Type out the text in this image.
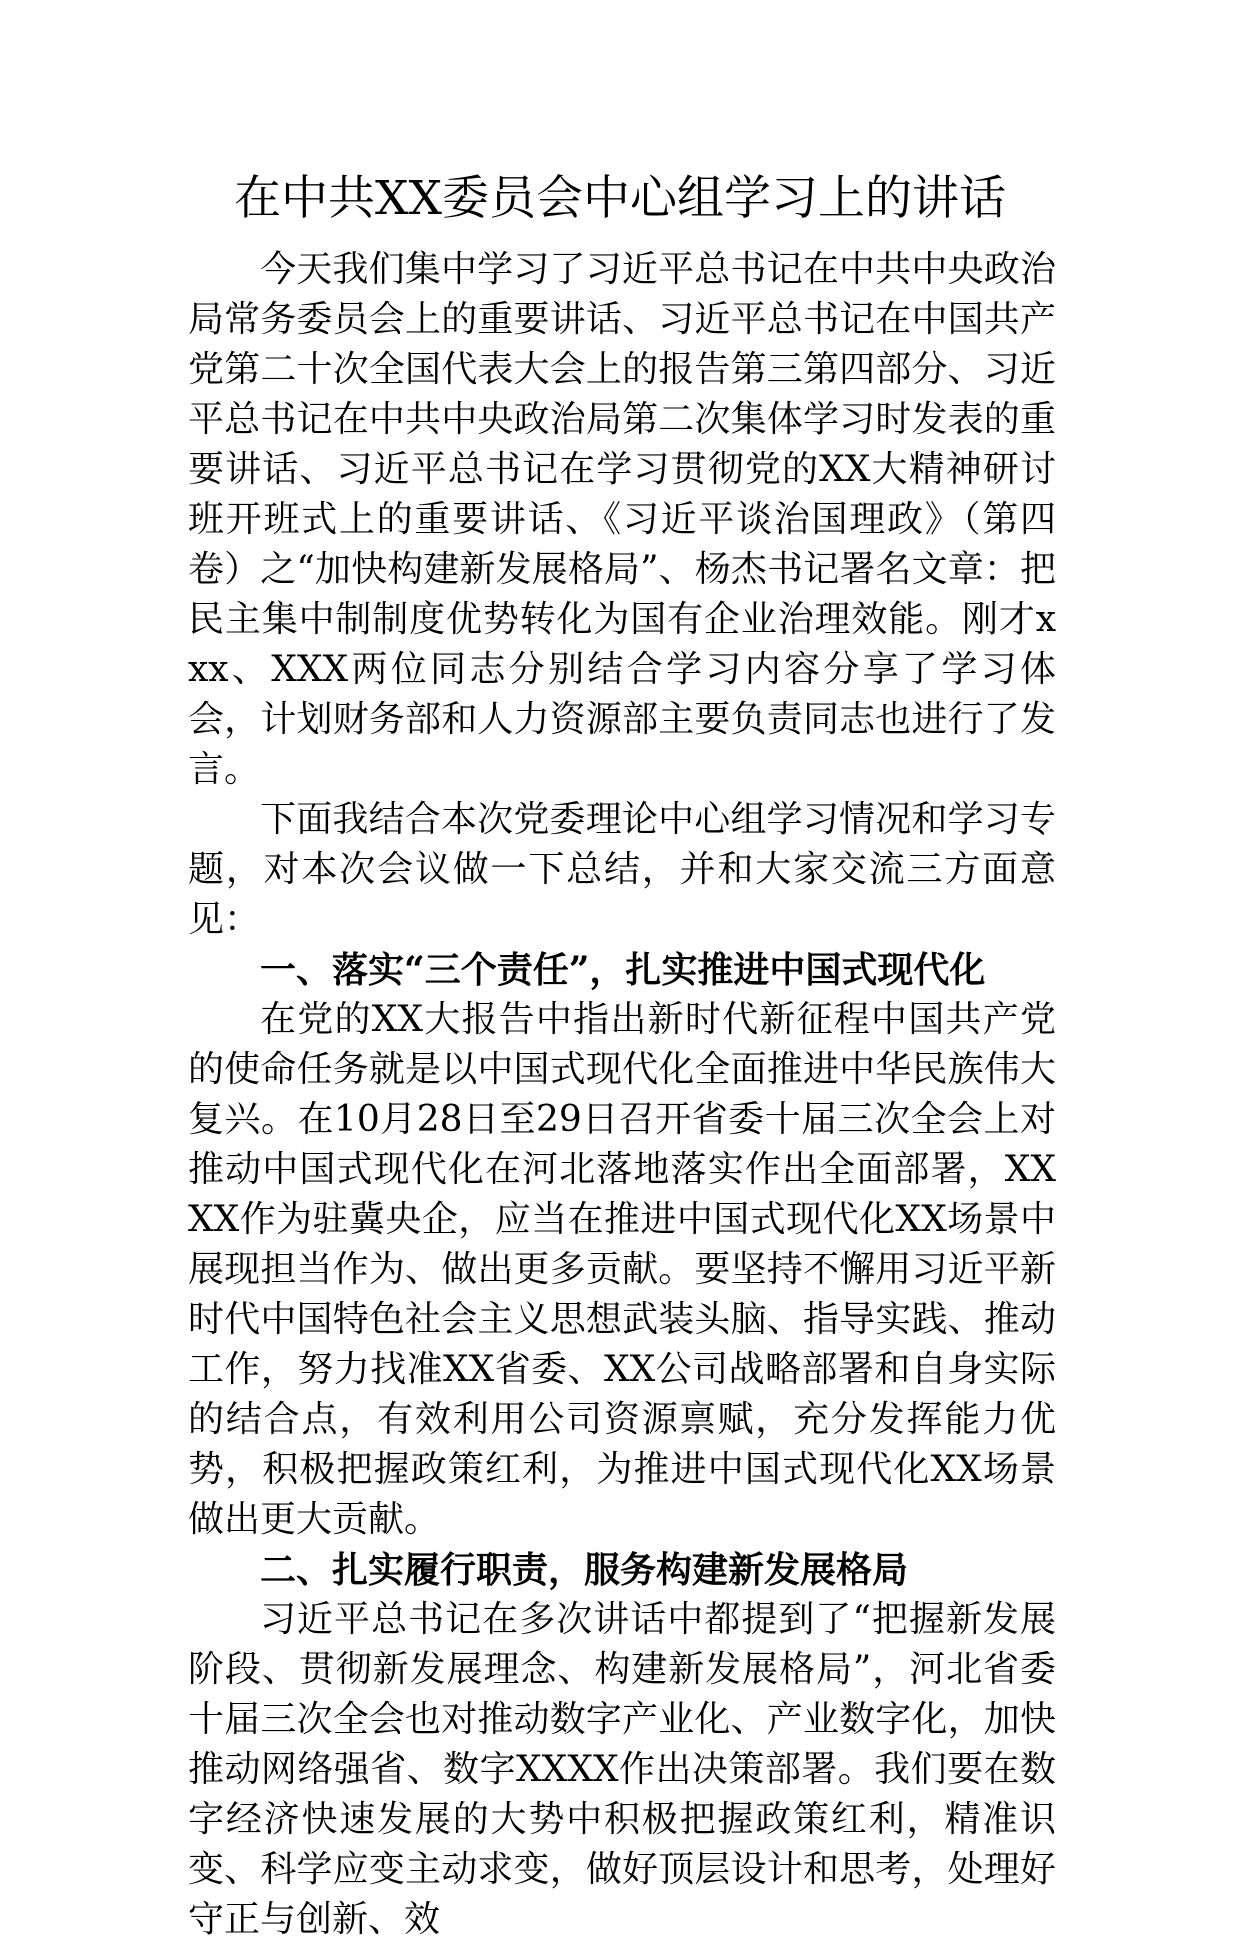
在中共XX委员会中心组学习上的讲话

今天我们集中学习了习近平总书记在中共中央政治局常务委员会上的重要讲话、习近平总书记在中国共产党第二十次全国代表大会上的报告第三第四部分、习近平总书记在中共中央政治局第二次集体学习时发表的重要讲话、习近平总书记在学习贯彻党的XX大精神研讨班开班式上的重要讲话、《习近平谈治国理政》（第四卷）之“加快构建新发展格局”、杨杰书记署名文章：把民主集中制制度优势转化为国有企业治理效能。刚才xxx、XXX两位同志分别结合学习内容分享了学习体会，计划财务部和人力资源部主要负责同志也进行了发言。

下面我结合本次党委理论中心组学习情况和学习专题，对本次会议做一下总结，并和大家交流三方面意见：

一、落实“三个责任”，扎实推进中国式现代化

在党的XX大报告中指出新时代新征程中国共产党的使命任务就是以中国式现代化全面推进中华民族伟大复兴。在10月28日至29日召开省委十届三次全会上对推动中国式现代化在河北落地落实作出全面部署，XXXX作为驻冀央企，应当在推进中国式现代化XX场景中展现担当作为、做出更多贡献。要坚持不懈用习近平新时代中国特色社会主义思想武装头脑、指导实践、推动工作，努力找准XX省委、XX公司战略部署和自身实际的结合点，有效利用公司资源禀赋，充分发挥能力优势，积极把握政策红利，为推进中国式现代化XX场景做出更大贡献。

二、扎实履行职责，服务构建新发展格局

习近平总书记在多次讲话中都提到了“把握新发展阶段、贯彻新发展理念、构建新发展格局”，河北省委十届三次全会也对推动数字产业化、产业数字化，加快推动网络强省、数字XXXX作出决策部署。我们要在数字经济快速发展的大势中积极把握政策红利，精准识变、科学应变主动求变，做好顶层设计和思考，处理好守正与创新、效
